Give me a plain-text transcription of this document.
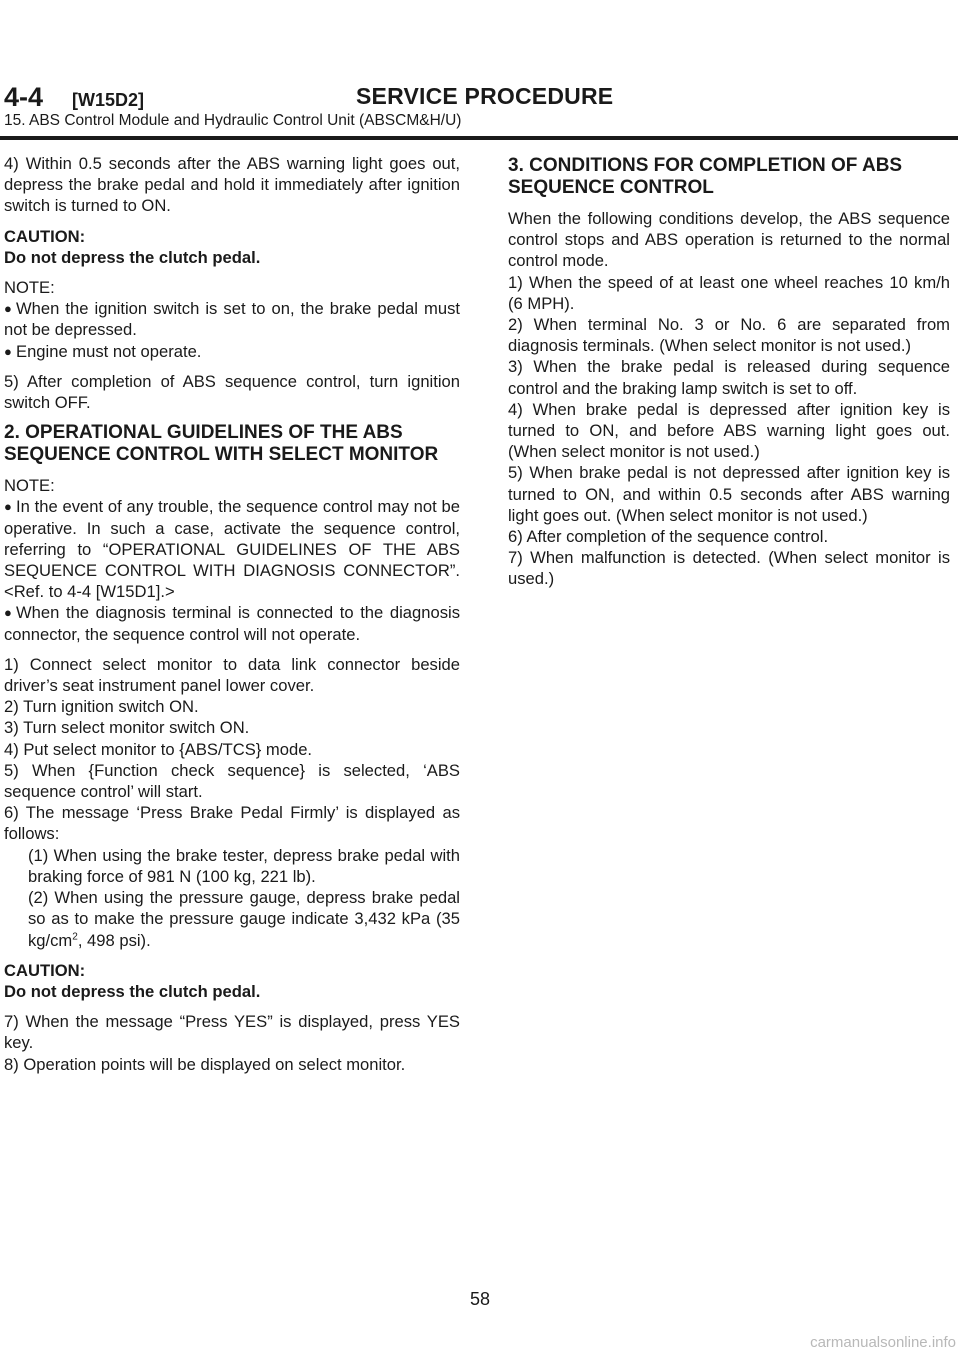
4-4 [W15D2]	SERVICE PROCEDURE
15. ABS Control Module and Hydraulic Control Unit (ABSCM&H/U)

4) Within 0.5 seconds after the ABS warning light goes out, depress the brake pedal and hold it immediately after ignition switch is turned to ON.

CAUTION:
Do not depress the clutch pedal.
NOTE:
● When the ignition switch is set to on, the brake pedal must not be depressed.
● Engine must not operate.

5) After completion of ABS sequence control, turn ignition switch OFF.

2. OPERATIONAL GUIDELINES OF THE ABS SEQUENCE CONTROL WITH SELECT MONITOR
NOTE:
● In the event of any trouble, the sequence control may not be operative. In such a case, activate the sequence control, referring to “OPERATIONAL GUIDELINES OF THE ABS SEQUENCE CONTROL WITH DIAGNOSIS CONNECTOR”. <Ref. to 4-4 [W15D1].>
● When the diagnosis terminal is connected to the diagnosis connector, the sequence control will not operate.
1) Connect select monitor to data link connector beside driver’s seat instrument panel lower cover.
2) Turn ignition switch ON.
3) Turn select monitor switch ON.
4) Put select monitor to {ABS/TCS} mode.
5) When {Function check sequence} is selected, ‘ABS sequence control’ will start.
6) The message ‘Press Brake Pedal Firmly’ is displayed as follows:
(1) When using the brake tester, depress brake pedal with braking force of 981 N (100 kg, 221 lb).
(2) When using the pressure gauge, depress brake pedal so as to make the pressure gauge indicate 3,432 kPa (35 $kg/cm^2$, 498 psi).
CAUTION:
Do not depress the clutch pedal.
7) When the message “Press YES” is displayed, press YES key.
8) Operation points will be displayed on select monitor.
3. CONDITIONS FOR COMPLETION OF ABS SEQUENCE CONTROL
When the following conditions develop, the ABS sequence control stops and ABS operation is returned to the normal control mode.
1) When the speed of at least one wheel reaches 10 km/h (6 MPH).
2) When terminal No. 3 or No. 6 are separated from diagnosis terminals. (When select monitor is not used.)
3) When the brake pedal is released during sequence control and the braking lamp switch is set to off.
4) When brake pedal is depressed after ignition key is turned to ON, and before ABS warning light goes out. (When select monitor is not used.)
5) When brake pedal is not depressed after ignition key is turned to ON, and within 0.5 seconds after ABS warning light goes out. (When select monitor is not used.)
6) After completion of the sequence control.
7) When malfunction is detected. (When select monitor is used.)
58
carmanualsonline.info
